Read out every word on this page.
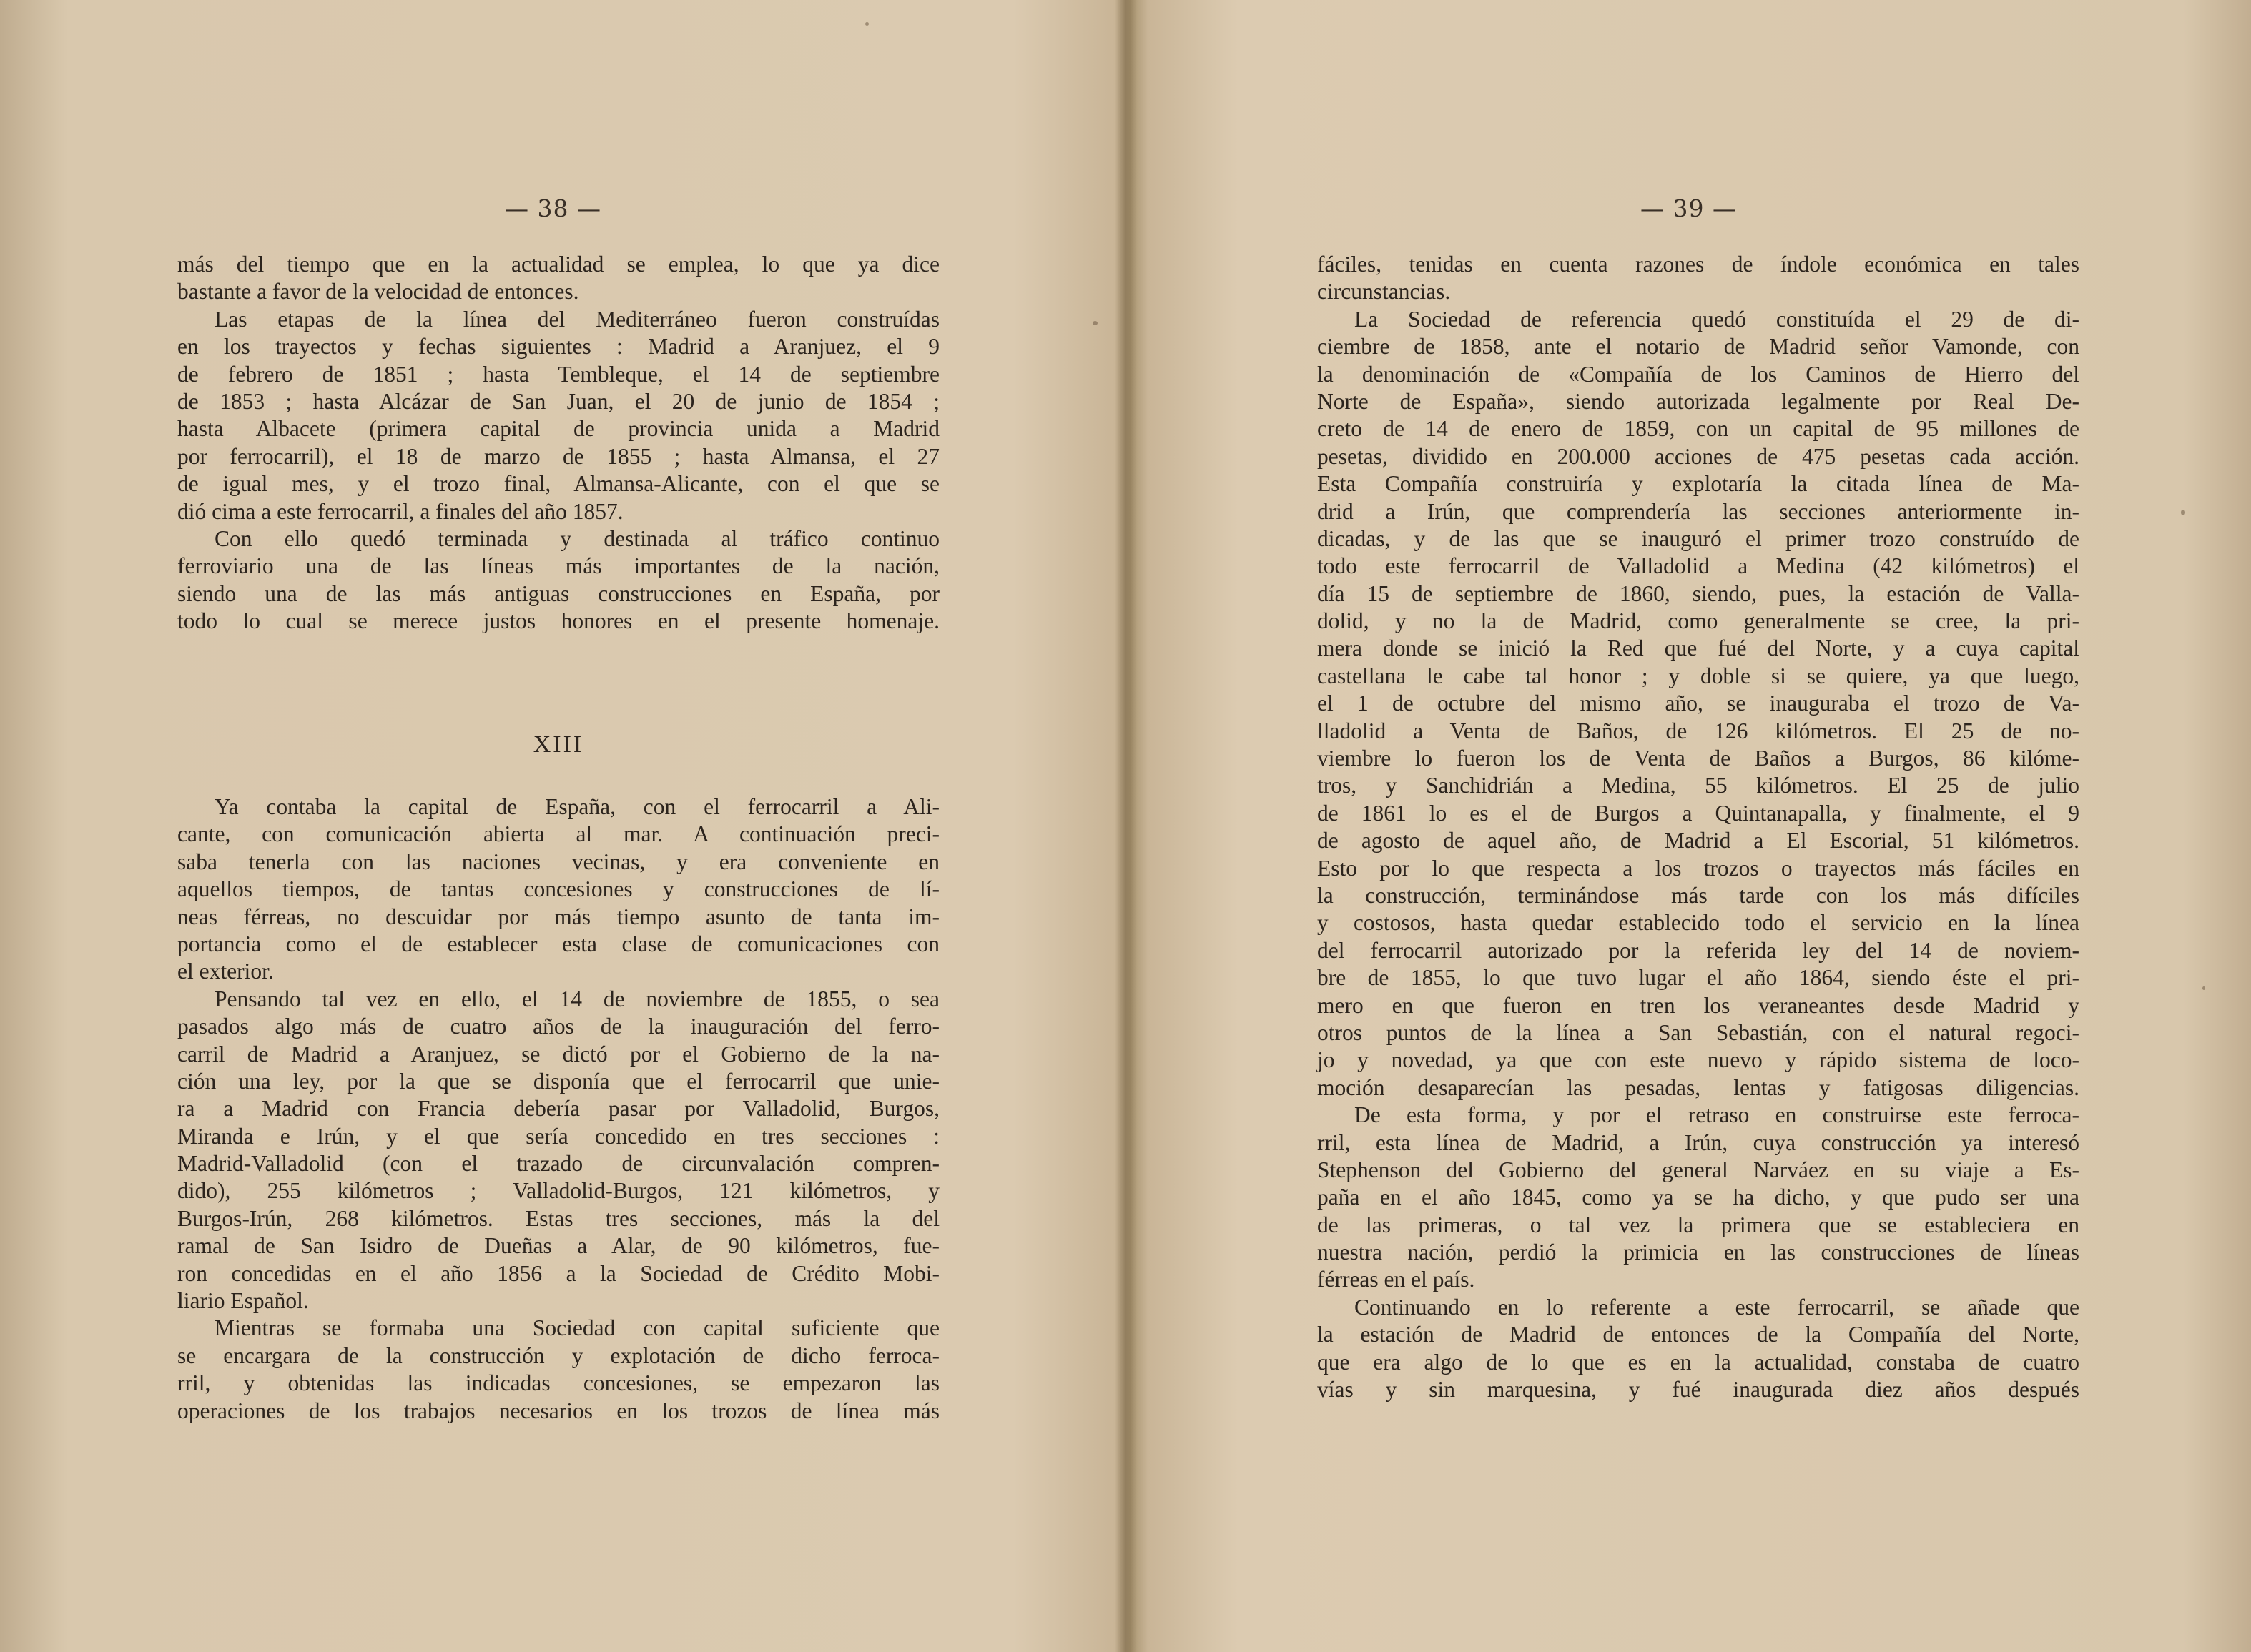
— 38 —
más del tiempo que en la actualidad se emplea, lo que ya dice
bastante a favor de la velocidad de entonces.
Las etapas de la línea del Mediterráneo fueron construídas
en los trayectos y fechas siguientes : Madrid a Aranjuez, el 9
de febrero de 1851 ; hasta Tembleque, el 14 de septiembre
de 1853 ; hasta Alcázar de San Juan, el 20 de junio de 1854 ;
hasta Albacete (primera capital de provincia unida a Madrid
por ferrocarril), el 18 de marzo de 1855 ; hasta Almansa, el 27
de igual mes, y el trozo final, Almansa-Alicante, con el que se
dió cima a este ferrocarril, a finales del año 1857.
Con ello quedó terminada y destinada al tráfico continuo
ferroviario una de las líneas más importantes de la nación,
siendo una de las más antiguas construcciones en España, por
todo lo cual se merece justos honores en el presente homenaje.
XIII
Ya contaba la capital de España, con el ferrocarril a Ali-
cante, con comunicación abierta al mar. A continuación preci-
saba tenerla con las naciones vecinas, y era conveniente en
aquellos tiempos, de tantas concesiones y construcciones de lí-
neas férreas, no descuidar por más tiempo asunto de tanta im-
portancia como el de establecer esta clase de comunicaciones con
el exterior.
Pensando tal vez en ello, el 14 de noviembre de 1855, o sea
pasados algo más de cuatro años de la inauguración del ferro-
carril de Madrid a Aranjuez, se dictó por el Gobierno de la na-
ción una ley, por la que se disponía que el ferrocarril que unie-
ra a Madrid con Francia debería pasar por Valladolid, Burgos,
Miranda e Irún, y el que sería concedido en tres secciones :
Madrid-Valladolid (con el trazado de circunvalación compren-
dido), 255 kilómetros ; Valladolid-Burgos, 121 kilómetros, y
Burgos-Irún, 268 kilómetros. Estas tres secciones, más la del
ramal de San Isidro de Dueñas a Alar, de 90 kilómetros, fue-
ron concedidas en el año 1856 a la Sociedad de Crédito Mobi-
liario Español.
Mientras se formaba una Sociedad con capital suficiente que
se encargara de la construcción y explotación de dicho ferroca-
rril, y obtenidas las indicadas concesiones, se empezaron las
operaciones de los trabajos necesarios en los trozos de línea más
— 39 —
fáciles, tenidas en cuenta razones de índole económica en tales
circunstancias.
La Sociedad de referencia quedó constituída el 29 de di-
ciembre de 1858, ante el notario de Madrid señor Vamonde, con
la denominación de «Compañía de los Caminos de Hierro del
Norte de España», siendo autorizada legalmente por Real De-
creto de 14 de enero de 1859, con un capital de 95 millones de
pesetas, dividido en 200.000 acciones de 475 pesetas cada acción.
Esta Compañía construiría y explotaría la citada línea de Ma-
drid a Irún, que comprendería las secciones anteriormente in-
dicadas, y de las que se inauguró el primer trozo construído de
todo este ferrocarril de Valladolid a Medina (42 kilómetros) el
día 15 de septiembre de 1860, siendo, pues, la estación de Valla-
dolid, y no la de Madrid, como generalmente se cree, la pri-
mera donde se inició la Red que fué del Norte, y a cuya capital
castellana le cabe tal honor ; y doble si se quiere, ya que luego,
el 1 de octubre del mismo año, se inauguraba el trozo de Va-
lladolid a Venta de Baños, de 126 kilómetros. El 25 de no-
viembre lo fueron los de Venta de Baños a Burgos, 86 kilóme-
tros, y Sanchidrián a Medina, 55 kilómetros. El 25 de julio
de 1861 lo es el de Burgos a Quintanapalla, y finalmente, el 9
de agosto de aquel año, de Madrid a El Escorial, 51 kilómetros.
Esto por lo que respecta a los trozos o trayectos más fáciles en
la construcción, terminándose más tarde con los más difíciles
y costosos, hasta quedar establecido todo el servicio en la línea
del ferrocarril autorizado por la referida ley del 14 de noviem-
bre de 1855, lo que tuvo lugar el año 1864, siendo éste el pri-
mero en que fueron en tren los veraneantes desde Madrid y
otros puntos de la línea a San Sebastián, con el natural regoci-
jo y novedad, ya que con este nuevo y rápido sistema de loco-
moción desaparecían las pesadas, lentas y fatigosas diligencias.
De esta forma, y por el retraso en construirse este ferroca-
rril, esta línea de Madrid, a Irún, cuya construcción ya interesó
Stephenson del Gobierno del general Narváez en su viaje a Es-
paña en el año 1845, como ya se ha dicho, y que pudo ser una
de las primeras, o tal vez la primera que se estableciera en
nuestra nación, perdió la primicia en las construcciones de líneas
férreas en el país.
Continuando en lo referente a este ferrocarril, se añade que
la estación de Madrid de entonces de la Compañía del Norte,
que era algo de lo que es en la actualidad, constaba de cuatro
vías y sin marquesina, y fué inaugurada diez años después
